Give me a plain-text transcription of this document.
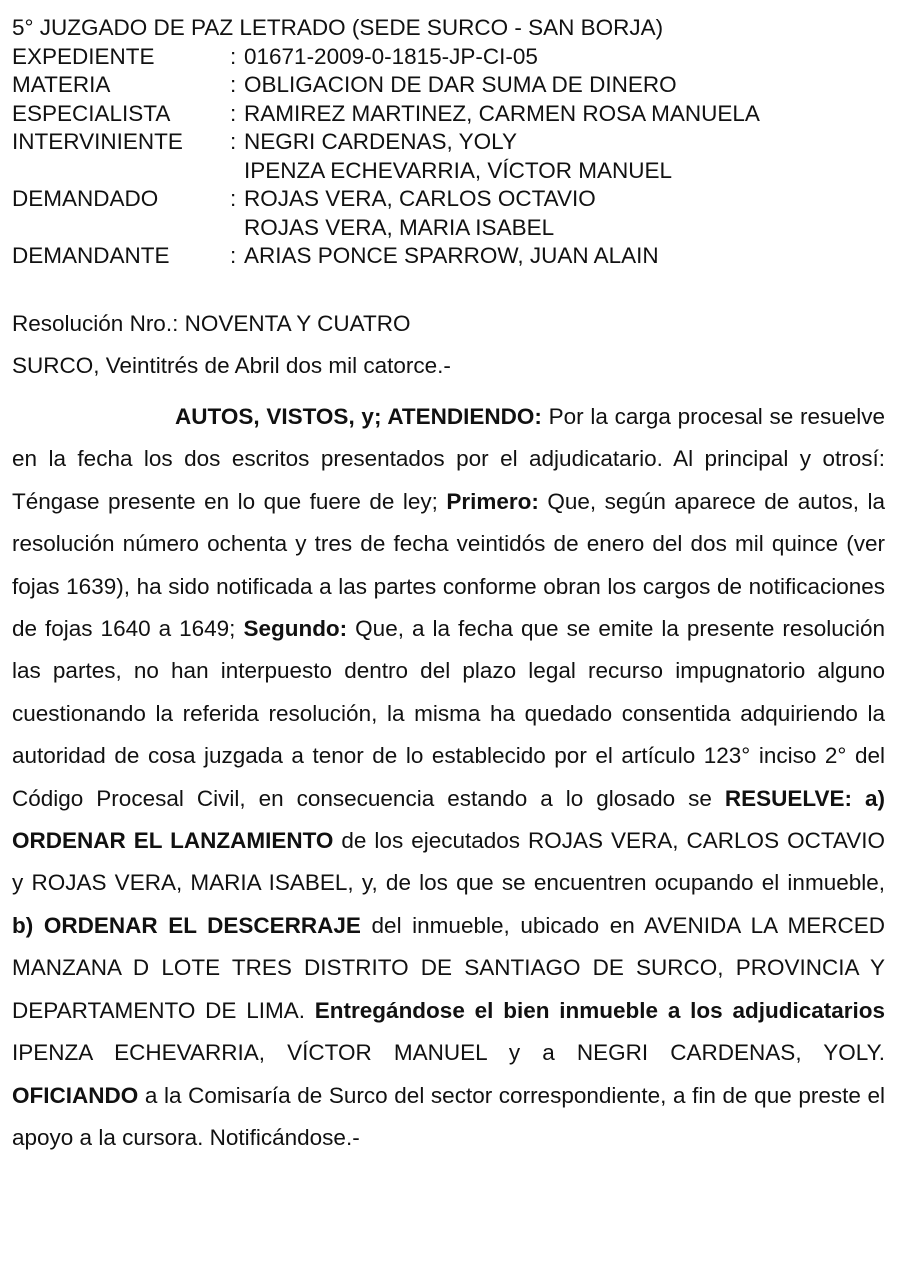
5° JUZGADO DE PAZ LETRADO (SEDE SURCO - SAN BORJA)
EXPEDIENTE	: 01671-2009-0-1815-JP-CI-05
MATERIA	: OBLIGACION DE DAR SUMA DE DINERO
ESPECIALISTA	: RAMIREZ MARTINEZ, CARMEN ROSA MANUELA
INTERVINIENTE	: NEGRI CARDENAS, YOLY
IPENZA ECHEVARRIA, VÍCTOR MANUEL
DEMANDADO	: ROJAS VERA, CARLOS OCTAVIO
ROJAS VERA, MARIA ISABEL
DEMANDANTE	: ARIAS PONCE SPARROW, JUAN ALAIN
Resolución Nro.: NOVENTA Y CUATRO
SURCO, Veintitrés de Abril dos mil catorce.-

AUTOS, VISTOS, y; ATENDIENDO: Por la carga procesal se resuelve en la fecha los dos escritos presentados por el adjudicatario. Al principal y otrosí: Téngase presente en lo que fuere de ley; Primero: Que, según aparece de autos, la resolución número ochenta y tres de fecha veintidós de enero del dos mil quince (ver fojas 1639), ha sido notificada a las partes conforme obran los cargos de notificaciones de fojas 1640 a 1649; Segundo: Que, a la fecha que se emite la presente resolución las partes, no han interpuesto dentro del plazo legal recurso impugnatorio alguno cuestionando la referida resolución, la misma ha quedado consentida adquiriendo la autoridad de cosa juzgada a tenor de lo establecido por el artículo 123° inciso 2° del Código Procesal Civil, en consecuencia estando a lo glosado se RESUELVE: a) ORDENAR EL LANZAMIENTO de los ejecutados ROJAS VERA, CARLOS OCTAVIO y ROJAS VERA, MARIA ISABEL, y, de los que se encuentren ocupando el inmueble, b) ORDENAR EL DESCERRAJE del inmueble, ubicado en AVENIDA LA MERCED MANZANA D LOTE TRES DISTRITO DE SANTIAGO DE SURCO, PROVINCIA Y DEPARTAMENTO DE LIMA. Entregándose el bien inmueble a los adjudicatarios IPENZA ECHEVARRIA, VÍCTOR MANUEL y a NEGRI CARDENAS, YOLY. OFICIANDO a la Comisaría de Surco del sector correspondiente, a fin de que preste el apoyo a la cursora. Notificándose.-
